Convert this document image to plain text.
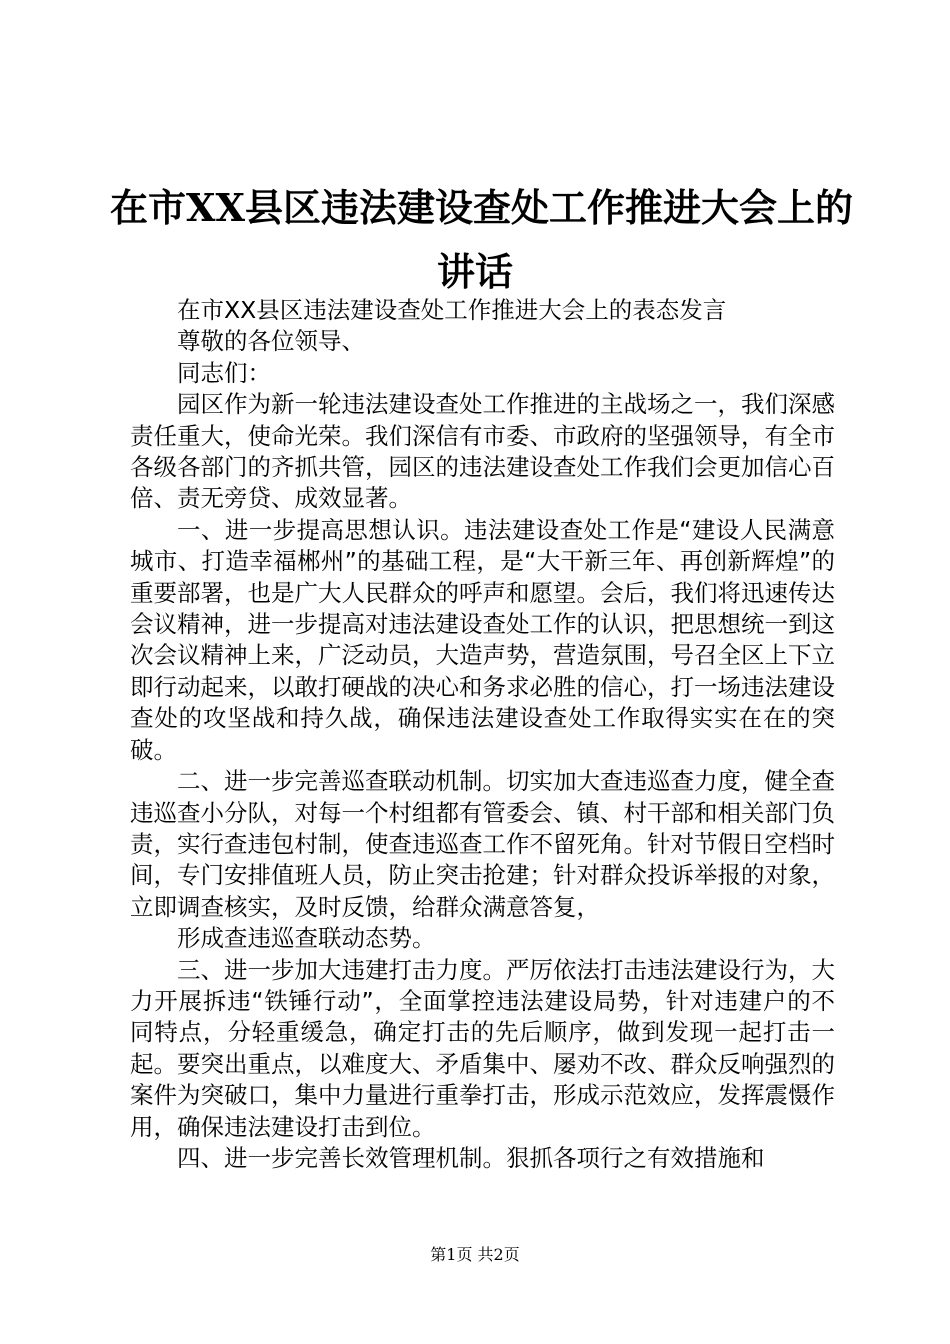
在市XX县区违法建设查处工作推进大会上的
讲话

在市XX县区违法建设查处工作推进大会上的表态发言

尊敬的各位领导、

同志们：

园区作为新一轮违法建设查处工作推进的主战场之一，我们深感责任重大，使命光荣。我们深信有市委、市政府的坚强领导，有全市各级各部门的齐抓共管，园区的违法建设查处工作我们会更加信心百倍、责无旁贷、成效显著。

一、进一步提高思想认识。违法建设查处工作是“建设人民满意城市、打造幸福郴州”的基础工程，是“大干新三年、再创新辉煌”的重要部署，也是广大人民群众的呼声和愿望。会后，我们将迅速传达会议精神，进一步提高对违法建设查处工作的认识，把思想统一到这次会议精神上来，广泛动员，大造声势，营造氛围，号召全区上下立即行动起来，以敢打硬战的决心和务求必胜的信心，打一场违法建设查处的攻坚战和持久战，确保违法建设查处工作取得实实在在的突破。

二、进一步完善巡查联动机制。切实加大查违巡查力度，健全查违巡查小分队，对每一个村组都有管委会、镇、村干部和相关部门负责，实行查违包村制，使查违巡查工作不留死角。针对节假日空档时间，专门安排值班人员，防止突击抢建；针对群众投诉举报的对象，立即调查核实，及时反馈，给群众满意答复，

形成查违巡查联动态势。

三、进一步加大违建打击力度。严厉依法打击违法建设行为，大力开展拆违“铁锤行动”，全面掌控违法建设局势，针对违建户的不同特点，分轻重缓急，确定打击的先后顺序，做到发现一起打击一起。要突出重点，以难度大、矛盾集中、屡劝不改、群众反响强烈的案件为突破口，集中力量进行重拳打击，形成示范效应，发挥震慑作用，确保违法建设打击到位。

四、进一步完善长效管理机制。狠抓各项行之有效措施和

第1页 共2页
